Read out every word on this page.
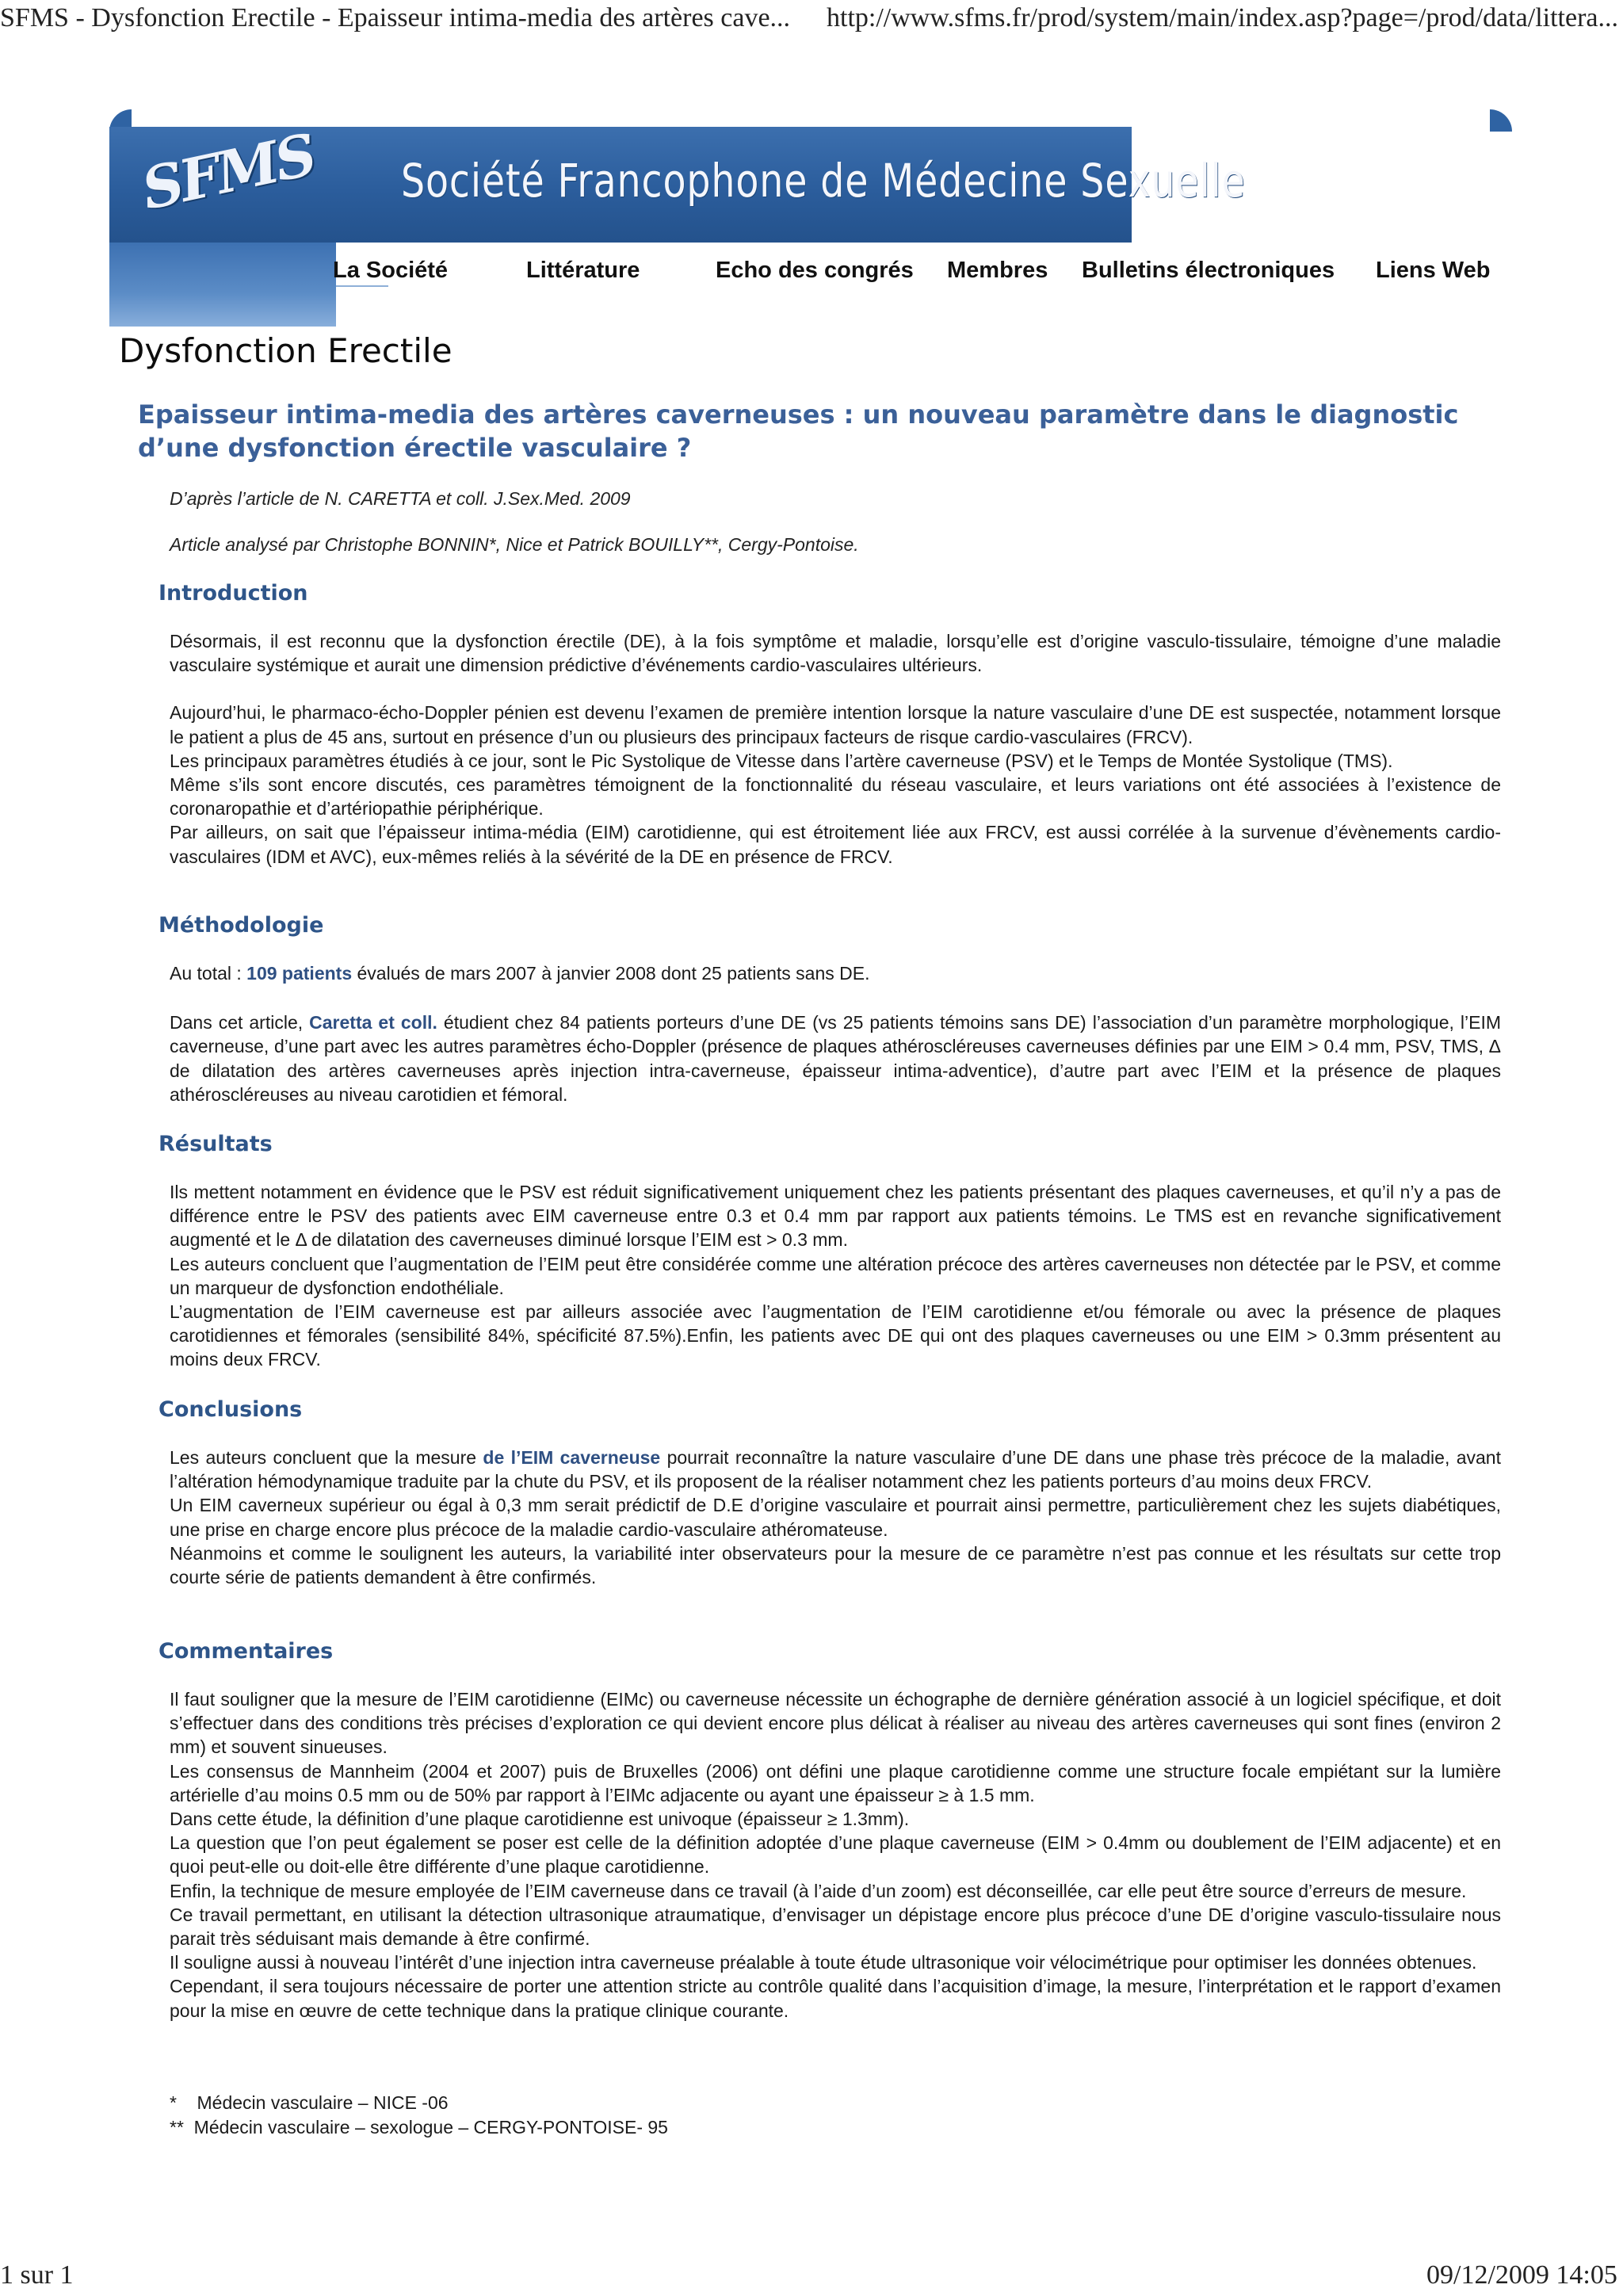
SFMS - Dysfonction Erectile - Epaisseur intima-media des artères cave... http://www.sfms.fr/prod/system/main/index.asp?page=/prod/data/littera...
SFMS Société Francophone de Médecine Sexuelle
La Société	Littérature	Echo des congrés Membres Bulletins électroniques Liens Web
Dysfonction Erectile
Epaisseur intima-media des artères caverneuses : un nouveau paramètre dans le diagnostic d’une dysfonction érectile vasculaire ?
D’après l’article de N. CARETTA et coll. J.Sex.Med. 2009
Article analysé par Christophe BONNIN*, Nice et Patrick BOUILLY**, Cergy-Pontoise.
Introduction

Désormais, il est reconnu que la dysfonction érectile (DE), à la fois symptôme et maladie, lorsqu’elle est d’origine vasculo-tissulaire, témoigne d’une maladie vasculaire systémique et aurait une dimension prédictive d’événements cardio-vasculaires ultérieurs.

Aujourd’hui, le pharmaco-écho-Doppler pénien est devenu l’examen de première intention lorsque la nature vasculaire d’une DE est suspectée, notamment lorsque le patient a plus de 45 ans, surtout en présence d’un ou plusieurs des principaux facteurs de risque cardio-vasculaires (FRCV).

Les principaux paramètres étudiés à ce jour, sont le Pic Systolique de Vitesse dans l’artère caverneuse (PSV) et le Temps de Montée Systolique (TMS).

Même s’ils sont encore discutés, ces paramètres témoignent de la fonctionnalité du réseau vasculaire, et leurs variations ont été associées à l’existence de coronaropathie et d’artériopathie périphérique.

Par ailleurs, on sait que l’épaisseur intima-média (EIM) carotidienne, qui est étroitement liée aux FRCV, est aussi corrélée à la survenue d’évènements cardio-vasculaires (IDM et AVC), eux-mêmes reliés à la sévérité de la DE en présence de FRCV.

Méthodologie

Au total : 109 patients évalués de mars 2007 à janvier 2008 dont 25 patients sans DE.

Dans cet article, Caretta et coll. étudient chez 84 patients porteurs d’une DE (vs 25 patients témoins sans DE) l’association d’un paramètre morphologique, l’EIM caverneuse, d’une part avec les autres paramètres écho-Doppler (présence de plaques athéroscléreuses caverneuses définies par une EIM > 0.4 mm, PSV, TMS, Δ de dilatation des artères caverneuses après injection intra-caverneuse, épaisseur intima-adventice), d’autre part avec l’EIM et la présence de plaques athéroscléreuses au niveau carotidien et fémoral.

Résultats

Ils mettent notamment en évidence que le PSV est réduit significativement uniquement chez les patients présentant des plaques caverneuses, et qu’il n’y a pas de différence entre le PSV des patients avec EIM caverneuse entre 0.3 et 0.4 mm par rapport aux patients témoins. Le TMS est en revanche significativement augmenté et le Δ de dilatation des caverneuses diminué lorsque l’EIM est > 0.3 mm.

Les auteurs concluent que l’augmentation de l’EIM peut être considérée comme une altération précoce des artères caverneuses non détectée par le PSV, et comme un marqueur de dysfonction endothéliale.

L’augmentation de l’EIM caverneuse est par ailleurs associée avec l’augmentation de l’EIM carotidienne et/ou fémorale ou avec la présence de plaques carotidiennes et fémorales (sensibilité 84%, spécificité 87.5%).Enfin, les patients avec DE qui ont des plaques caverneuses ou une EIM > 0.3mm présentent au moins deux FRCV.

Conclusions

Les auteurs concluent que la mesure de l’EIM caverneuse pourrait reconnaître la nature vasculaire d’une DE dans une phase très précoce de la maladie, avant l’altération hémodynamique traduite par la chute du PSV, et ils proposent de la réaliser notamment chez les patients porteurs d’au moins deux FRCV.

Un EIM caverneux supérieur ou égal à 0,3 mm serait prédictif de D.E d’origine vasculaire et pourrait ainsi permettre, particulièrement chez les sujets diabétiques, une prise en charge encore plus précoce de la maladie cardio-vasculaire athéromateuse.

Néanmoins et comme le soulignent les auteurs, la variabilité inter observateurs pour la mesure de ce paramètre n’est pas connue et les résultats sur cette trop courte série de patients demandent à être confirmés.

Commentaires

Il faut souligner que la mesure de l’EIM carotidienne (EIMc) ou caverneuse nécessite un échographe de dernière génération associé à un logiciel spécifique, et doit s’effectuer dans des conditions très précises d’exploration ce qui devient encore plus délicat à réaliser au niveau des artères caverneuses qui sont fines (environ 2 mm) et souvent sinueuses.

Les consensus de Mannheim (2004 et 2007) puis de Bruxelles (2006) ont défini une plaque carotidienne comme une structure focale empiétant sur la lumière artérielle d’au moins 0.5 mm ou de 50% par rapport à l’EIMc adjacente ou ayant une épaisseur ≥ à 1.5 mm.

Dans cette étude, la définition d’une plaque carotidienne est univoque (épaisseur ≥ 1.3mm).

La question que l’on peut également se poser est celle de la définition adoptée d’une plaque caverneuse (EIM > 0.4mm ou doublement de l’EIM adjacente) et en quoi peut-elle ou doit-elle être différente d’une plaque carotidienne.

Enfin, la technique de mesure employée de l’EIM caverneuse dans ce travail (à l’aide d’un zoom) est déconseillée, car elle peut être source d’erreurs de mesure.

Ce travail permettant, en utilisant la détection ultrasonique atraumatique, d’envisager un dépistage encore plus précoce d’une DE d’origine vasculo-tissulaire nous parait très séduisant mais demande à être confirmé.

Il souligne aussi à nouveau l’intérêt d’une injection intra caverneuse préalable à toute étude ultrasonique voir vélocimétrique pour optimiser les données obtenues.

Cependant, il sera toujours nécessaire de porter une attention stricte au contrôle qualité dans l’acquisition d’image, la mesure, l’interprétation et le rapport d’examen pour la mise en œuvre de cette technique dans la pratique clinique courante.

*    Médecin vasculaire – NICE -06
**  Médecin vasculaire – sexologue – CERGY-PONTOISE- 95
1 sur 1	09/12/2009 14:05
